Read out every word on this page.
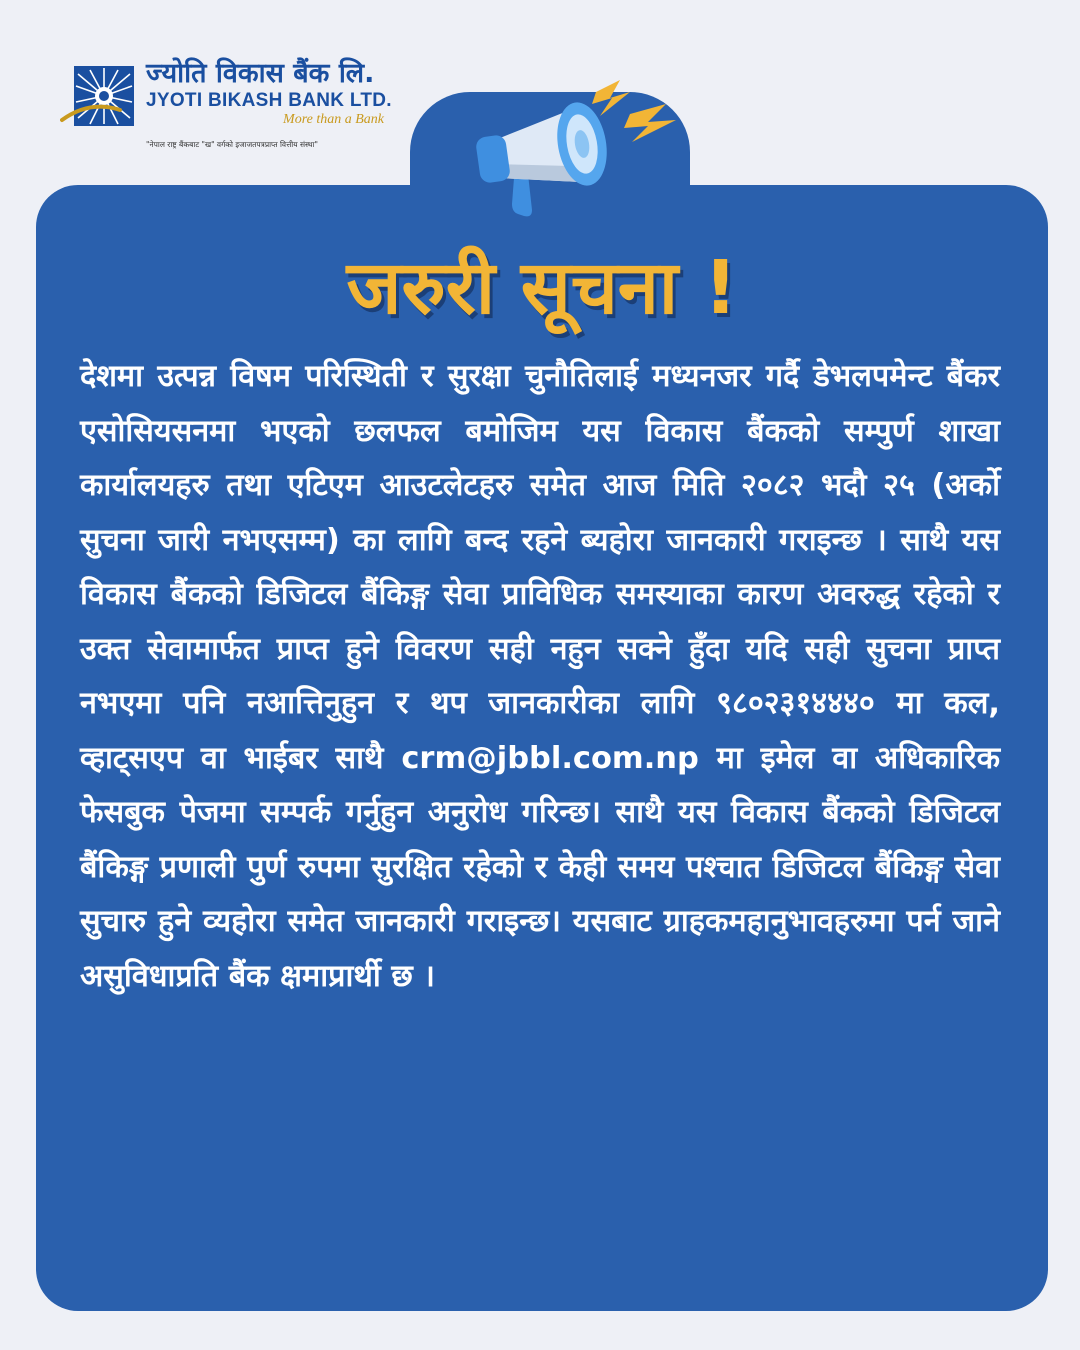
ज्योति विकास बैंक लि.
JYOTI BIKASH BANK LTD.
More than a Bank
"नेपाल राष्ट्र बैंकबाट "ख" वर्गको इजाजतपत्रप्राप्त वित्तीय संस्था"
जरुरी सूचना !
देशमा उत्पन्न विषम परिस्थिती र सुरक्षा चुनौतिलाई मध्यनजर गर्दै डेभलपमेन्ट बैंकर एसोसियसनमा भएको छलफल बमोजिम यस विकास बैंकको सम्पुर्ण शाखा कार्यालयहरु तथा एटिएम आउटलेटहरु समेत आज मिति २०८२ भदौ २५ (अर्को सुचना जारी नभएसम्म) का लागि बन्द रहने ब्यहोरा जानकारी गराइन्छ । साथै यस विकास बैंकको डिजिटल बैंकिङ्ग सेवा प्राविधिक समस्याका कारण अवरुद्ध रहेको र उक्त सेवामार्फत प्राप्त हुने विवरण सही नहुन सक्ने हुँदा यदि सही सुचना प्राप्त नभएमा पनि नआत्तिनुहुन र थप जानकारीका लागि ९८०२३१४४४० मा कल, व्हाट्सएप वा भाईबर साथै crm@jbbl.com.np मा इमेल वा अधिकारिक फेसबुक पेजमा सम्पर्क गर्नुहुन अनुरोध गरिन्छ। साथै यस विकास बैंकको डिजिटल बैंकिङ्ग प्रणाली पुर्ण रुपमा सुरक्षित रहेको र केही समय पश्चात डिजिटल बैंकिङ्ग सेवा सुचारु हुने व्यहोरा समेत जानकारी गराइन्छ। यसबाट ग्राहकमहानुभावहरुमा पर्न जाने असुविधाप्रति बैंक क्षमाप्रार्थी छ ।
